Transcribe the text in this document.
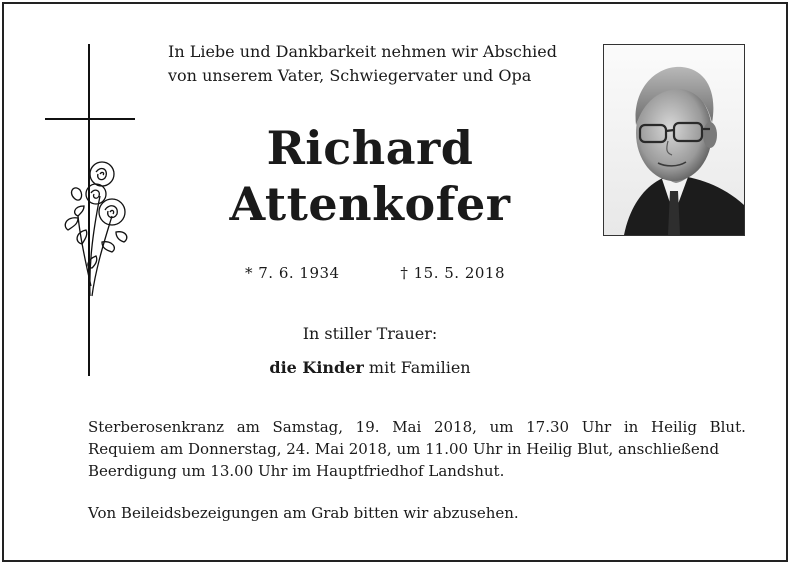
In Liebe und Dankbarkeit nehmen wir Abschied
von unserem Vater, Schwiegervater und Opa
Richard
Attenkofer
* 7. 6. 1934	† 15. 5. 2018
In stiller Trauer:
die Kinder mit Familien
Sterberosenkranz am Samstag, 19. Mai 2018, um 17.30 Uhr in Heilig Blut.
Requiem am Donnerstag, 24. Mai 2018, um 11.00 Uhr in Heilig Blut, anschließend
Beerdigung um 13.00 Uhr im Hauptfriedhof Landshut.
Von Beileidsbezeigungen am Grab bitten wir abzusehen.
